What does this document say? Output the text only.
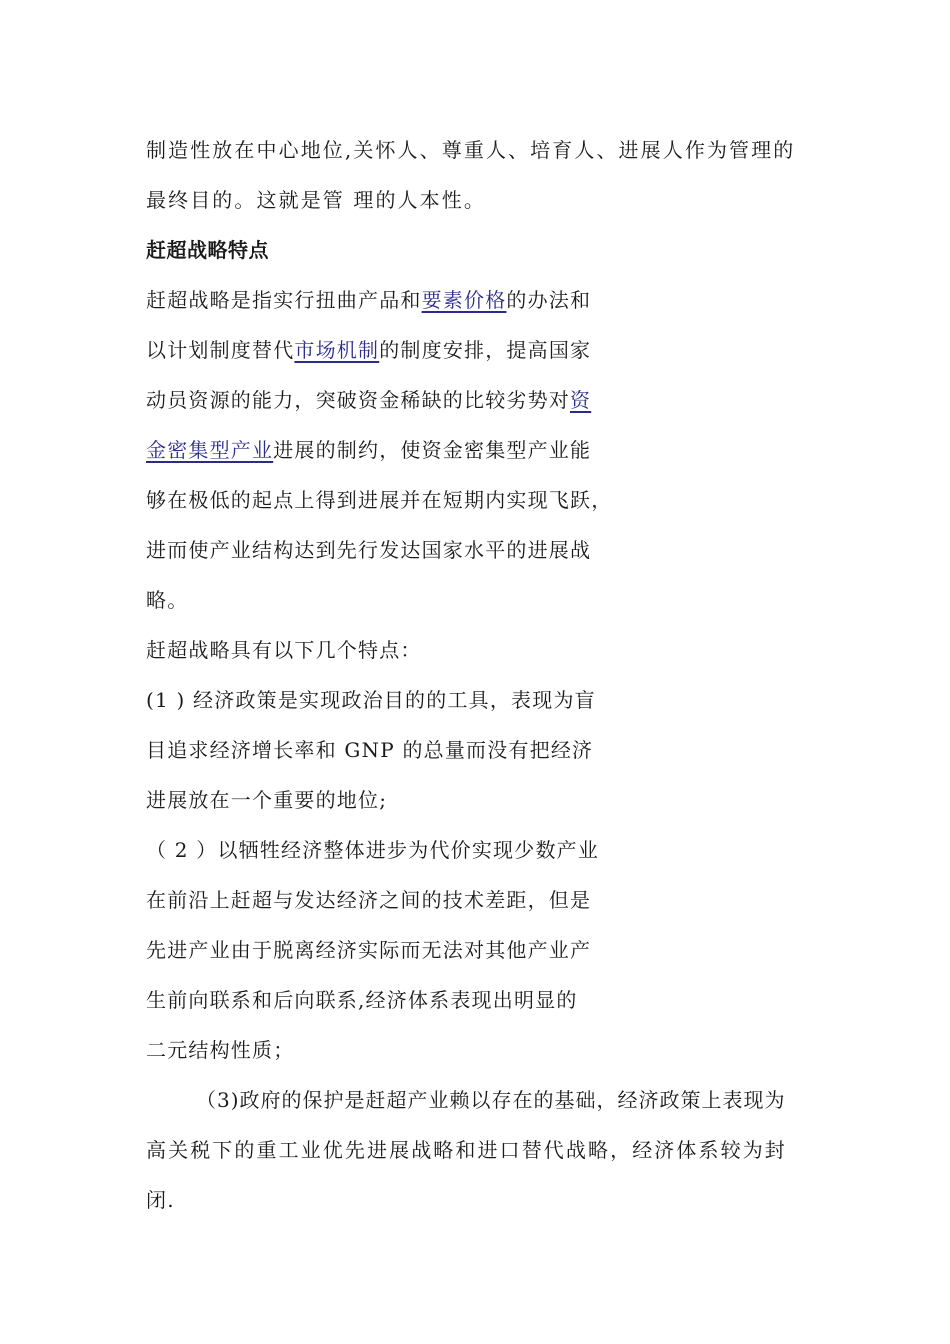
制造性放在中心地位,关怀人、尊重人、培育人、进展人作为管理的
最终目的。这就是管 理的人本性。
赶超战略特点
赶超战略是指实行扭曲产品和要素价格的办法和
以计划制度替代市场机制的制度安排，提高国家
动员资源的能力，突破资金稀缺的比较劣势对资
金密集型产业进展的制约，使资金密集型产业能
够在极低的起点上得到进展并在短期内实现飞跃，
进而使产业结构达到先行发达国家水平的进展战
略。
赶超战略具有以下几个特点：
(1 ) 经济政策是实现政治目的的工具，表现为盲
目追求经济增长率和 GNP 的总量而没有把经济
进展放在一个重要的地位;
（ 2 ）以牺牲经济整体进步为代价实现少数产业
在前沿上赶超与发达经济之间的技术差距，但是
先进产业由于脱离经济实际而无法对其他产业产
生前向联系和后向联系,经济体系表现出明显的
二元结构性质；
（3)政府的保护是赶超产业赖以存在的基础，经济政策上表现为
高关税下的重工业优先进展战略和进口替代战略，经济体系较为封
闭.
